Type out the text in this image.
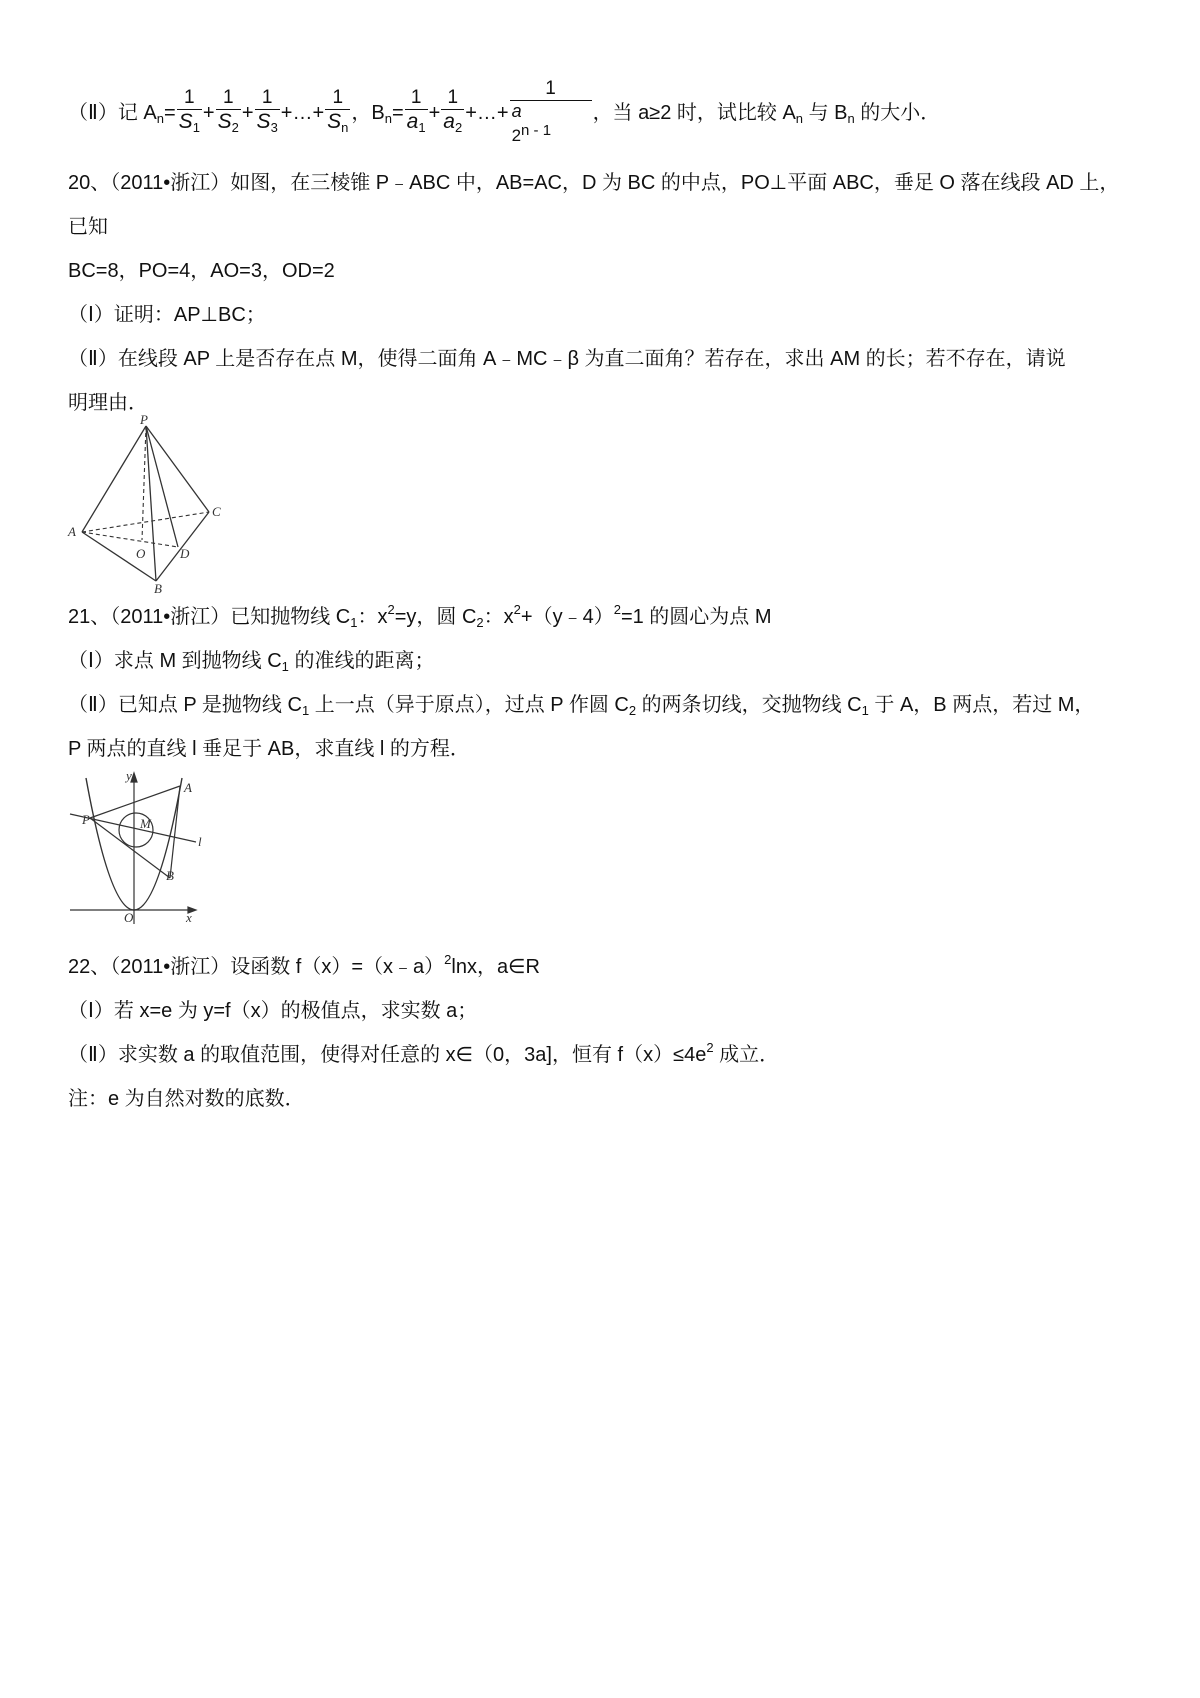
（Ⅱ）记 $A_n= \frac{1}{S_1} + \frac{1}{S_2} + \frac{1}{S_3}$ +…+ $\frac{1}{S_n}$ ，$B_n= \frac{1}{a_1} + \frac{1}{a_2}$ +…+
1
a
2$^{n - 1}$
，当 a≥2 时，试比较 $A_n$ 与 $B_n$ 的大小．
20、（2011•浙江）如图，在三棱锥 P﹣ABC 中，AB=AC，D 为 BC 的中点，PO⊥平面 ABC，垂足 O 落在线段 AD 上，
已知
BC=8，PO=4，AO=3，OD=2
（Ⅰ）证明：AP⊥BC；
（Ⅱ）在线段 AP 上是否存在点 M，使得二面角 A﹣MC﹣β 为直二面角？若存在，求出 AM 的长；若不存在，请说
明理由．
P
A
B
C
D
O
21、（2011•浙江）已知抛物线 $C_1$：$x^2=y$，圆 $C_2$：$x^2+(y﹣4)^2=1$ 的圆心为点 M
（Ⅰ）求点 M 到抛物线 $C_1$ 的准线的距离；
（Ⅱ）已知点 P 是抛物线 $C_1$ 上一点（异于原点），过点 P 作圆 $C_2$ 的两条切线，交抛物线 $C_1$ 于 A，B 两点，若过 M，
P 两点的直线 l 垂足于 AB，求直线 l 的方程．
y
x
O
P	M
A
B
l
22、（2011•浙江）设函数 f（x）=（x﹣a）$^2$lnx，a∈R
（Ⅰ）若 x=e 为 y=f（x）的极值点，求实数 a；
（Ⅱ）求实数 a 的取值范围，使得对任意的 x∈（0，3a]，恒有 $f(x)\le 4e^2$ 成立．
注：e 为自然对数的底数．
